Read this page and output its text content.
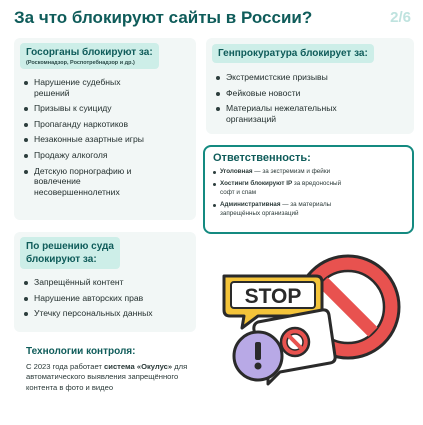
За что блокируют сайты в России?	2/6
Госорганы блокируют за:
(Роскомнадзор, Роспотребнадзор и др.)
Нарушение судебных решений
Призывы к суициду
Пропаганду наркотиков
Незаконные азартные игры
Продажу алкоголя
Детскую порнографию и вовлечение несовершеннолетних
Генпрокуратура блокирует за:
Экстремистские призывы
Фейковые новости
Материалы нежелательных организаций
Ответственность:
Уголовная — за экстремизм и фейки
Хостинги блокируют IP за вредоносный софт и спам
Административная — за материалы запрещённых организаций
По решению суда
блокируют за:
Запрещённый контент
Нарушение авторских прав
Утечку персональных данных
Технологии контроля:
С 2023 года работает система «Окулус» для автоматического выявления запрещённого контента в фото и видео
STOP
